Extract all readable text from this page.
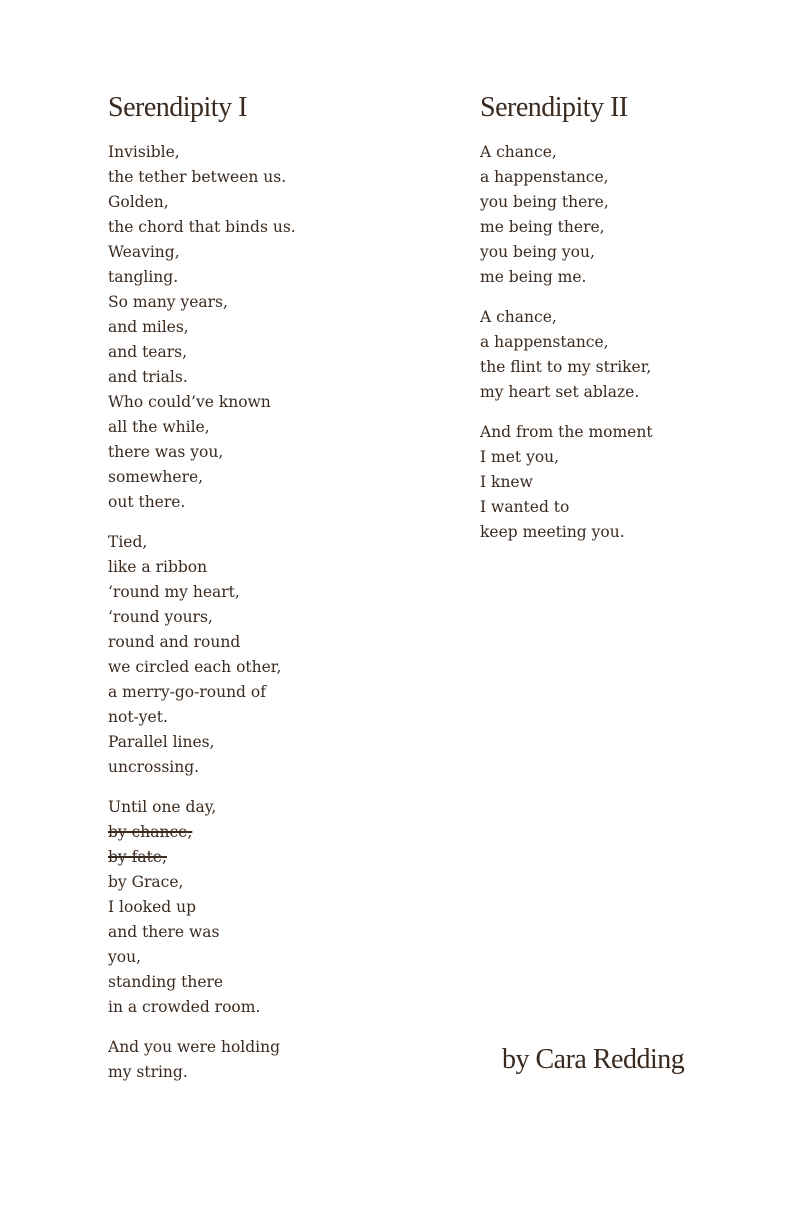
Serendipity I
Invisible,
the tether between us.
Golden,
the chord that binds us.
Weaving,
tangling.
So many years,
and miles,
and tears,
and trials.
Who could’ve known
all the while,
there was you,
somewhere,
out there.
Tied,
like a ribbon
‘round my heart,
‘round yours,
round and round
we circled each other,
a merry-go-round of
not-yet.
Parallel lines,
uncrossing.
Until one day,
by chance,
by fate,
by Grace,
I looked up
and there was
you,
standing there
in a crowded room.
And you were holding
my string.
Serendipity II
A chance,
a happenstance,
you being there,
me being there,
you being you,
me being me.
A chance,
a happenstance,
the flint to my striker,
my heart set ablaze.
And from the moment
I met you,
I knew
I wanted to
keep meeting you.

by Cara Redding
